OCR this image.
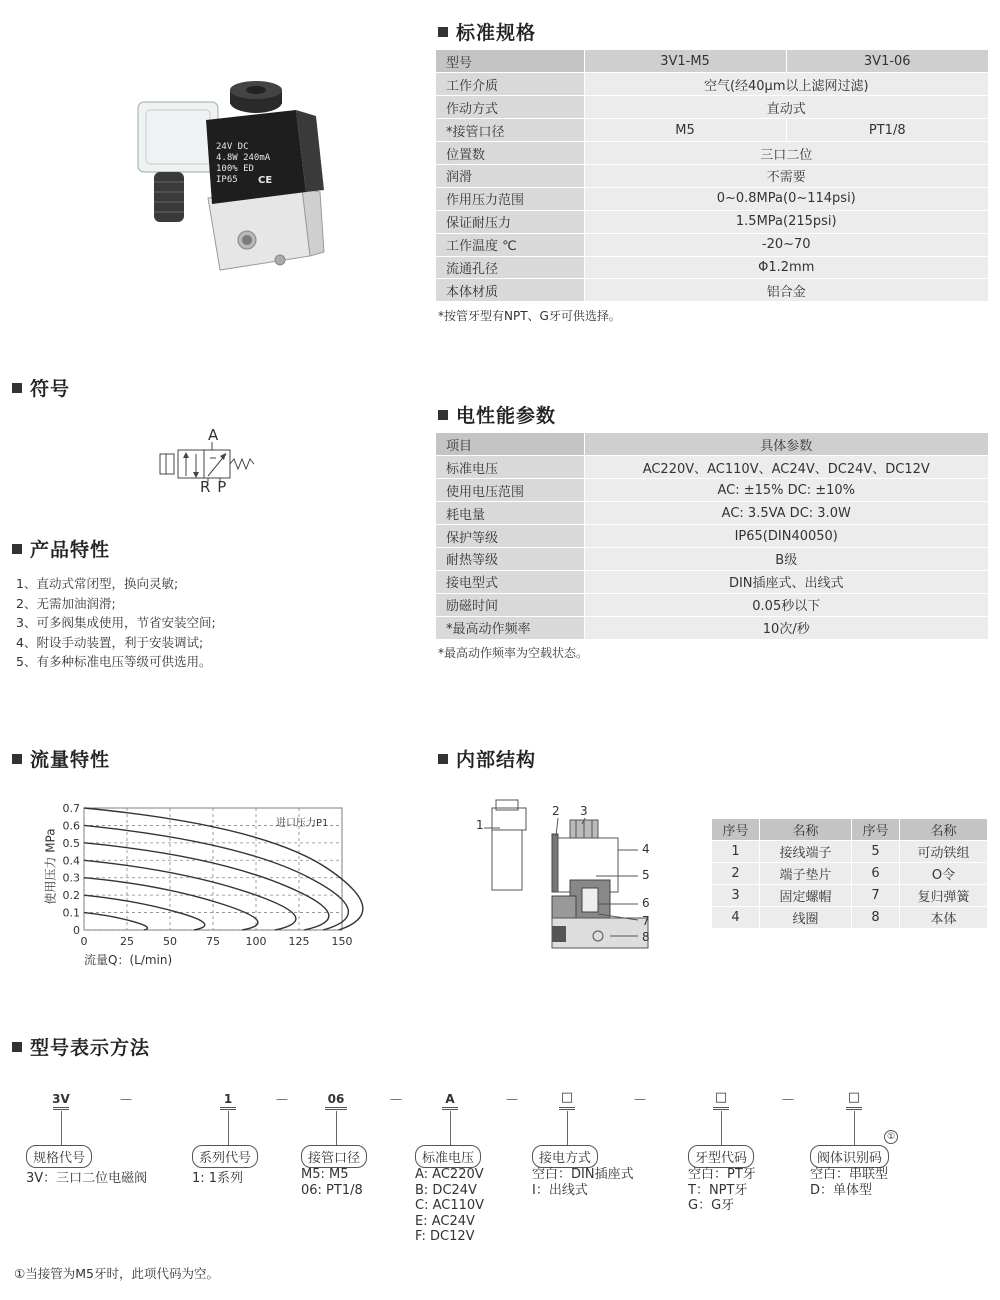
24V DC
4.8W 240mA
100% ED
IP65	CE
标准规格
型号	3V1-M5	3V1-06
工作介质	空气(经40μm以上滤网过滤)	
作动方式	直动式	
*接管口径	M5	PT1/8
位置数	三口二位	
润滑	不需要	
作用压力范围	0~0.8MPa(0~114psi)	
保证耐压力	1.5MPa(215psi)	
工作温度 ℃	-20~70	
流通孔径	Φ1.2mm	
本体材质	铝合金	
*按管牙型有NPT、G牙可供选择。
符号
A
R P
电性能参数
项目	具体参数
标准电压	AC220V、AC110V、AC24V、DC24V、DC12V
使用电压范围	AC: ±15% DC: ±10%
耗电量	AC: 3.5VA DC: 3.0W
保护等级	IP65(DIN40050)
耐热等级	B级
接电型式	DIN插座式、出线式
励磁时间	0.05秒以下
*最高动作频率	10次/秒
*最高动作频率为空载状态。
产品特性
1、直动式常闭型，换向灵敏;
2、无需加油润滑;
3、可多阀集成使用，节省安装空间;
4、附设手动装置，利于安装调试;
5、有多种标准电压等级可供选用。
流量特性
0	25	50	75 100 125 150
0
0.1
0.2
0.3
0.4
0.5
0.6
0.7
使用压力 MPa
流量Q：(L/min)
进口压力P1
内部结构
1
2 3
4
5
6
7
8
序号	名称	序号	名称
1	接线端子	5	可动铁组
2	端子垫片	6	O令
3	固定螺帽	7	复归弹簧
4	线圈	8	本体
型号表示方法
3V	—	1	—	06	—	A	—	□	—	□	—	□
规格代号
3V：三口二位电磁阀
系列代号
1: 1系列
接管口径
M5: M5
06: PT1/8
标准电压
A: AC220V
B: DC24V
C: AC110V
E: AC24V
F: DC12V
接电方式
空白：DIN插座式
I：出线式
牙型代码
空白：PT牙
T：NPT牙
G：G牙
①
阀体识别码
空白：串联型
D：单体型
①当接管为M5牙时，此项代码为空。
